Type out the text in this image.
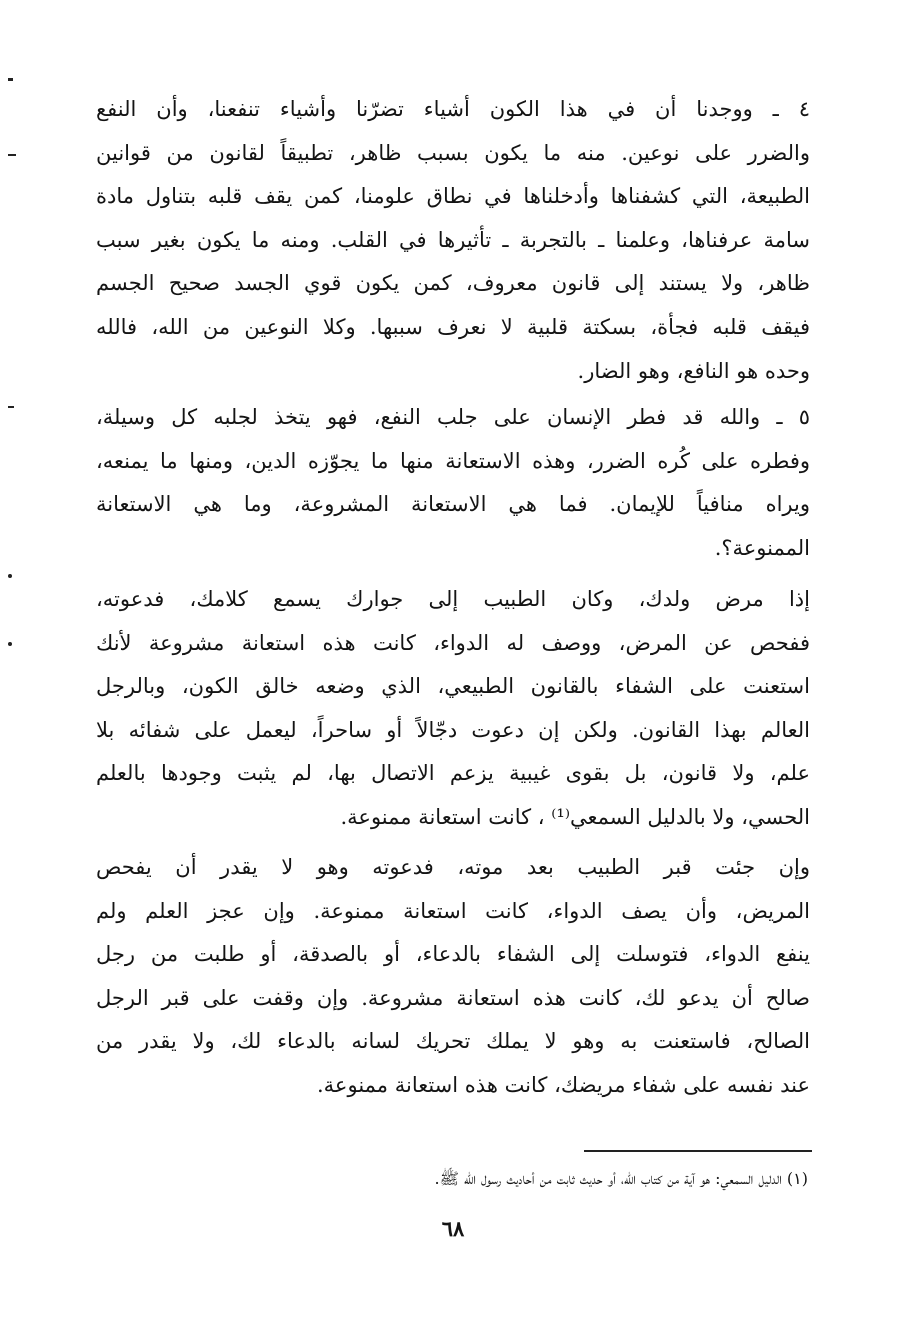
٤ ـ ووجدنا أن في هذا الكون أشياء تضرّنا وأشياء تنفعنا، وأن النفع
والضرر على نوعين. منه ما يكون بسبب ظاهر، تطبيقاً لقانون من قوانين
الطبيعة، التي كشفناها وأدخلناها في نطاق علومنا، كمن يقف قلبه بتناول مادة
سامة عرفناها، وعلمنا ـ بالتجربة ـ تأثيرها في القلب. ومنه ما يكون بغير سبب
ظاهر، ولا يستند إلى قانون معروف، كمن يكون قوي الجسد صحيح الجسم
فيقف قلبه فجأة، بسكتة قلبية لا نعرف سببها. وكلا النوعين من الله، فالله
وحده هو النافع، وهو الضار.
٥ ـ والله قد فطر الإنسان على جلب النفع، فهو يتخذ لجلبه كل وسيلة،
وفطره على كُره الضرر، وهذه الاستعانة منها ما يجوّزه الدين، ومنها ما يمنعه،
ويراه منافياً للإيمان. فما هي الاستعانة المشروعة، وما هي الاستعانة
الممنوعة؟.
إذا مرض ولدك، وكان الطبيب إلى جوارك يسمع كلامك، فدعوته،
ففحص عن المرض، ووصف له الدواء، كانت هذه استعانة مشروعة لأنك
استعنت على الشفاء بالقانون الطبيعي، الذي وضعه خالق الكون، وبالرجل
العالم بهذا القانون. ولكن إن دعوت دجّالاً أو ساحراً، ليعمل على شفائه بلا
علم، ولا قانون، بل بقوى غيبية يزعم الاتصال بها، لم يثبت وجودها بالعلم
الحسي، ولا بالدليل السمعي⁽¹⁾ ، كانت استعانة ممنوعة.
وإن جئت قبر الطبيب بعد موته، فدعوته وهو لا يقدر أن يفحص
المريض، وأن يصف الدواء، كانت استعانة ممنوعة. وإن عجز العلم ولم
ينفع الدواء، فتوسلت إلى الشفاء بالدعاء، أو بالصدقة، أو طلبت من رجل
صالح أن يدعو لك، كانت هذه استعانة مشروعة. وإن وقفت على قبر الرجل
الصالح، فاستعنت به وهو لا يملك تحريك لسانه بالدعاء لك، ولا يقدر من
عند نفسه على شفاء مريضك، كانت هذه استعانة ممنوعة.
(١) الدليل السمعي: هو آية من كتاب الله، أو حديث ثابت من أحاديث رسول الله ﷺ.
٦٨
